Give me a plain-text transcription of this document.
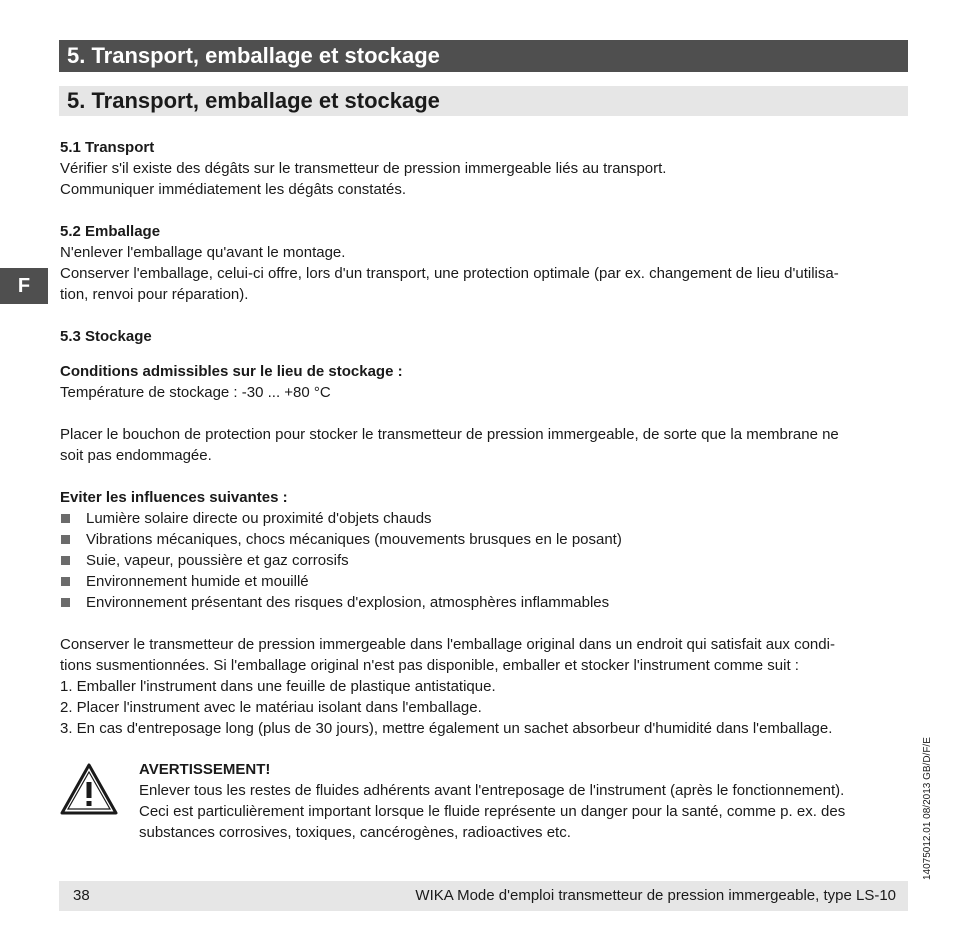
5. Transport, emballage et stockage
5. Transport, emballage et stockage
F

5.1 Transport

Vérifier s'il existe des dégâts sur le transmetteur de pression immergeable liés au transport.

Communiquer immédiatement les dégâts constatés.

5.2 Emballage

N'enlever l'emballage qu'avant le montage.

Conserver l'emballage, celui-ci offre, lors d'un transport, une protection optimale (par ex. changement de lieu d'utilisa-

tion, renvoi pour réparation).

5.3 Stockage

Conditions admissibles sur le lieu de stockage :

Température de stockage : -30 ... +80 °C

Placer le bouchon de protection pour stocker le transmetteur de pression immergeable, de sorte que la membrane ne

soit pas endommagée.

Eviter les influences suivantes :

Lumière solaire directe ou proximité d'objets chauds
Vibrations mécaniques, chocs mécaniques (mouvements brusques en le posant)
Suie, vapeur, poussière et gaz corrosifs
Environnement humide et mouillé
Environnement présentant des risques d'explosion, atmosphères inflammables

Conserver le transmetteur de pression immergeable dans l'emballage original dans un endroit qui satisfait aux condi-

tions susmentionnées. Si l'emballage original n'est pas disponible, emballer et stocker l'instrument comme suit :

1. Emballer l'instrument dans une feuille de plastique antistatique.

2. Placer l'instrument avec le matériau isolant dans l'emballage.

3. En cas d'entreposage long (plus de 30 jours), mettre également un sachet absorbeur d'humidité dans l'emballage.

AVERTISSEMENT!

Enlever tous les restes de fluides adhérents avant l'entreposage de l'instrument (après le fonctionnement).

Ceci est particulièrement important lorsque le fluide représente un danger pour la santé, comme p. ex. des

substances corrosives, toxiques, cancérogènes, radioactives etc.

38	WIKA Mode d'emploi transmetteur de pression immergeable, type LS-10
14075012.01 08/2013 GB/D/F/E
